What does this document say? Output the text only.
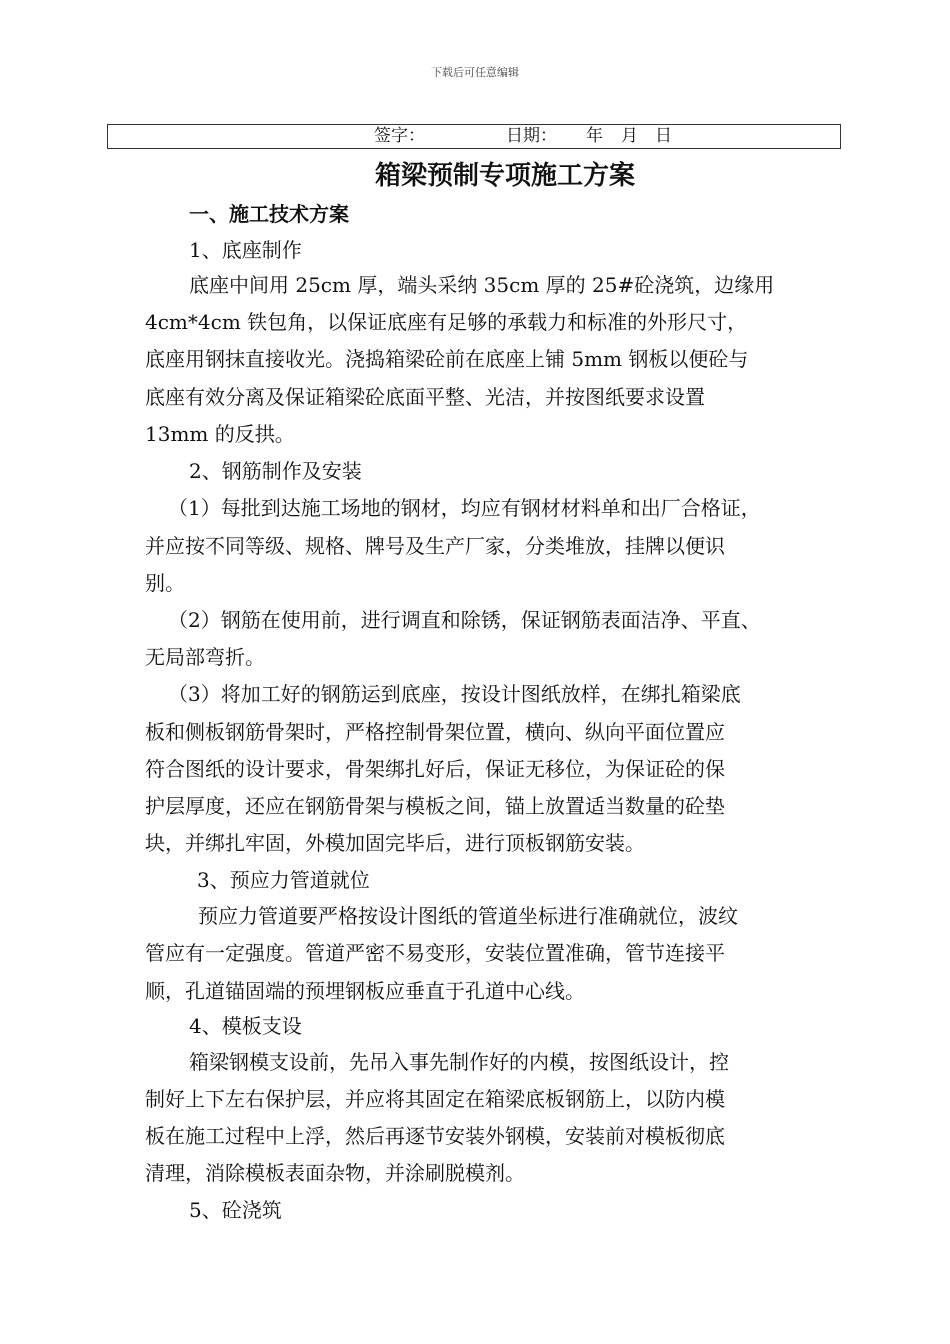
下载后可任意编辑
签字：	日期： 年 月 日
箱梁预制专项施工方案
一、施工技术方案
1、底座制作
底座中间用 25cm 厚，端头采纳 35cm 厚的 25#砼浇筑，边缘用
4cm*4cm 铁包角，以保证底座有足够的承载力和标准的外形尺寸，
底座用钢抹直接收光。浇捣箱梁砼前在底座上铺 5mm 钢板以便砼与
底座有效分离及保证箱梁砼底面平整、光洁，并按图纸要求设置
13mm 的反拱。
2、钢筋制作及安装
（1）每批到达施工场地的钢材，均应有钢材材料单和出厂合格证，
并应按不同等级、规格、牌号及生产厂家，分类堆放，挂牌以便识
别。
（2）钢筋在使用前，进行调直和除锈，保证钢筋表面洁净、平直、
无局部弯折。
（3）将加工好的钢筋运到底座，按设计图纸放样，在绑扎箱梁底
板和侧板钢筋骨架时，严格控制骨架位置，横向、纵向平面位置应
符合图纸的设计要求，骨架绑扎好后，保证无移位，为保证砼的保
护层厚度，还应在钢筋骨架与模板之间，锚上放置适当数量的砼垫
块，并绑扎牢固，外模加固完毕后，进行顶板钢筋安装。
3、预应力管道就位
预应力管道要严格按设计图纸的管道坐标进行准确就位，波纹
管应有一定强度。管道严密不易变形，安装位置准确，管节连接平
顺，孔道锚固端的预埋钢板应垂直于孔道中心线。
4、模板支设
箱梁钢模支设前，先吊入事先制作好的内模，按图纸设计，控
制好上下左右保护层，并应将其固定在箱梁底板钢筋上，以防内模
板在施工过程中上浮，然后再逐节安装外钢模，安装前对模板彻底
清理，消除模板表面杂物，并涂刷脱模剂。
5、砼浇筑
